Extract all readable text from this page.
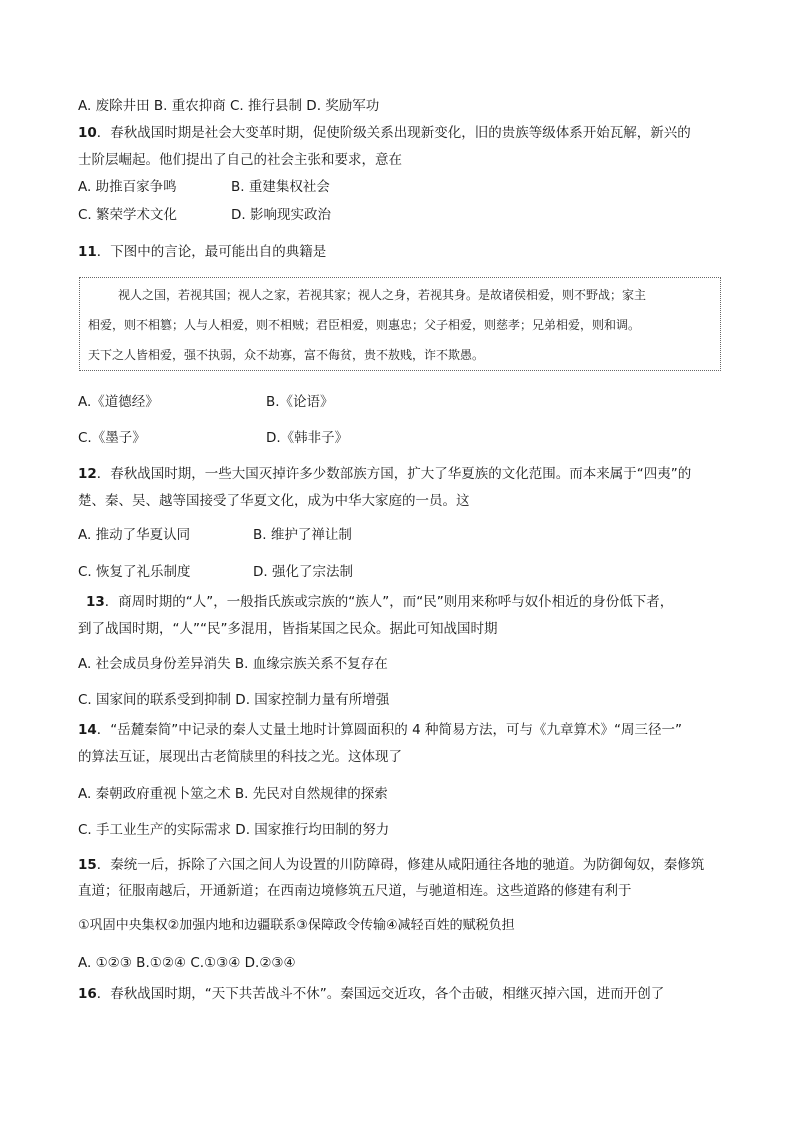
A. 废除井田 B. 重农抑商 C. 推行县制 D. 奖励军功
10．春秋战国时期是社会大变革时期，促使阶级关系出现新变化，旧的贵族等级体系开始瓦解，新兴的
士阶层崛起。他们提出了自己的社会主张和要求，意在
A. 助推百家争鸣	B. 重建集权社会
C. 繁荣学术文化	D. 影响现实政治
11．下图中的言论，最可能出自的典籍是
视人之国，若视其国；视人之家，若视其家；视人之身，若视其身。是故诸侯相爱，则不野战；家主
相爱，则不相篡；人与人相爱，则不相贼；君臣相爱，则惠忠；父子相爱，则慈孝；兄弟相爱，则和调。
天下之人皆相爱，强不执弱，众不劫寡，富不侮贫，贵不敖贱，诈不欺愚。
A.《道德经》	B.《论语》
C.《墨子》	D.《韩非子》
12．春秋战国时期，一些大国灭掉许多少数部族方国，扩大了华夏族的文化范围。而本来属于“四夷”的
楚、秦、吴、越等国接受了华夏文化，成为中华大家庭的一员。这
A. 推动了华夏认同	B. 维护了禅让制
C. 恢复了礼乐制度	D. 强化了宗法制
13．商周时期的“人”，一般指氏族或宗族的“族人”，而“民”则用来称呼与奴仆相近的身份低下者，
到了战国时期，“人”“民”多混用，皆指某国之民众。据此可知战国时期
A. 社会成员身份差异消失 B. 血缘宗族关系不复存在
C. 国家间的联系受到抑制 D. 国家控制力量有所增强
14．“岳麓秦简”中记录的秦人丈量土地时计算圆面积的 4 种简易方法，可与《九章算术》“周三径一”
的算法互证，展现出古老简牍里的科技之光。这体现了
A. 秦朝政府重视卜筮之术 B. 先民对自然规律的探索
C. 手工业生产的实际需求 D. 国家推行均田制的努力
15．秦统一后，拆除了六国之间人为设置的川防障碍，修建从咸阳通往各地的驰道。为防御匈奴，秦修筑
直道；征服南越后，开通新道；在西南边境修筑五尺道，与驰道相连。这些道路的修建有利于
①巩固中央集权②加强内地和边疆联系③保障政令传输④减轻百姓的赋税负担
A. ①②③ B.①②④ C.①③④ D.②③④
16．春秋战国时期，“天下共苦战斗不休”。秦国远交近攻，各个击破，相继灭掉六国，进而开创了
